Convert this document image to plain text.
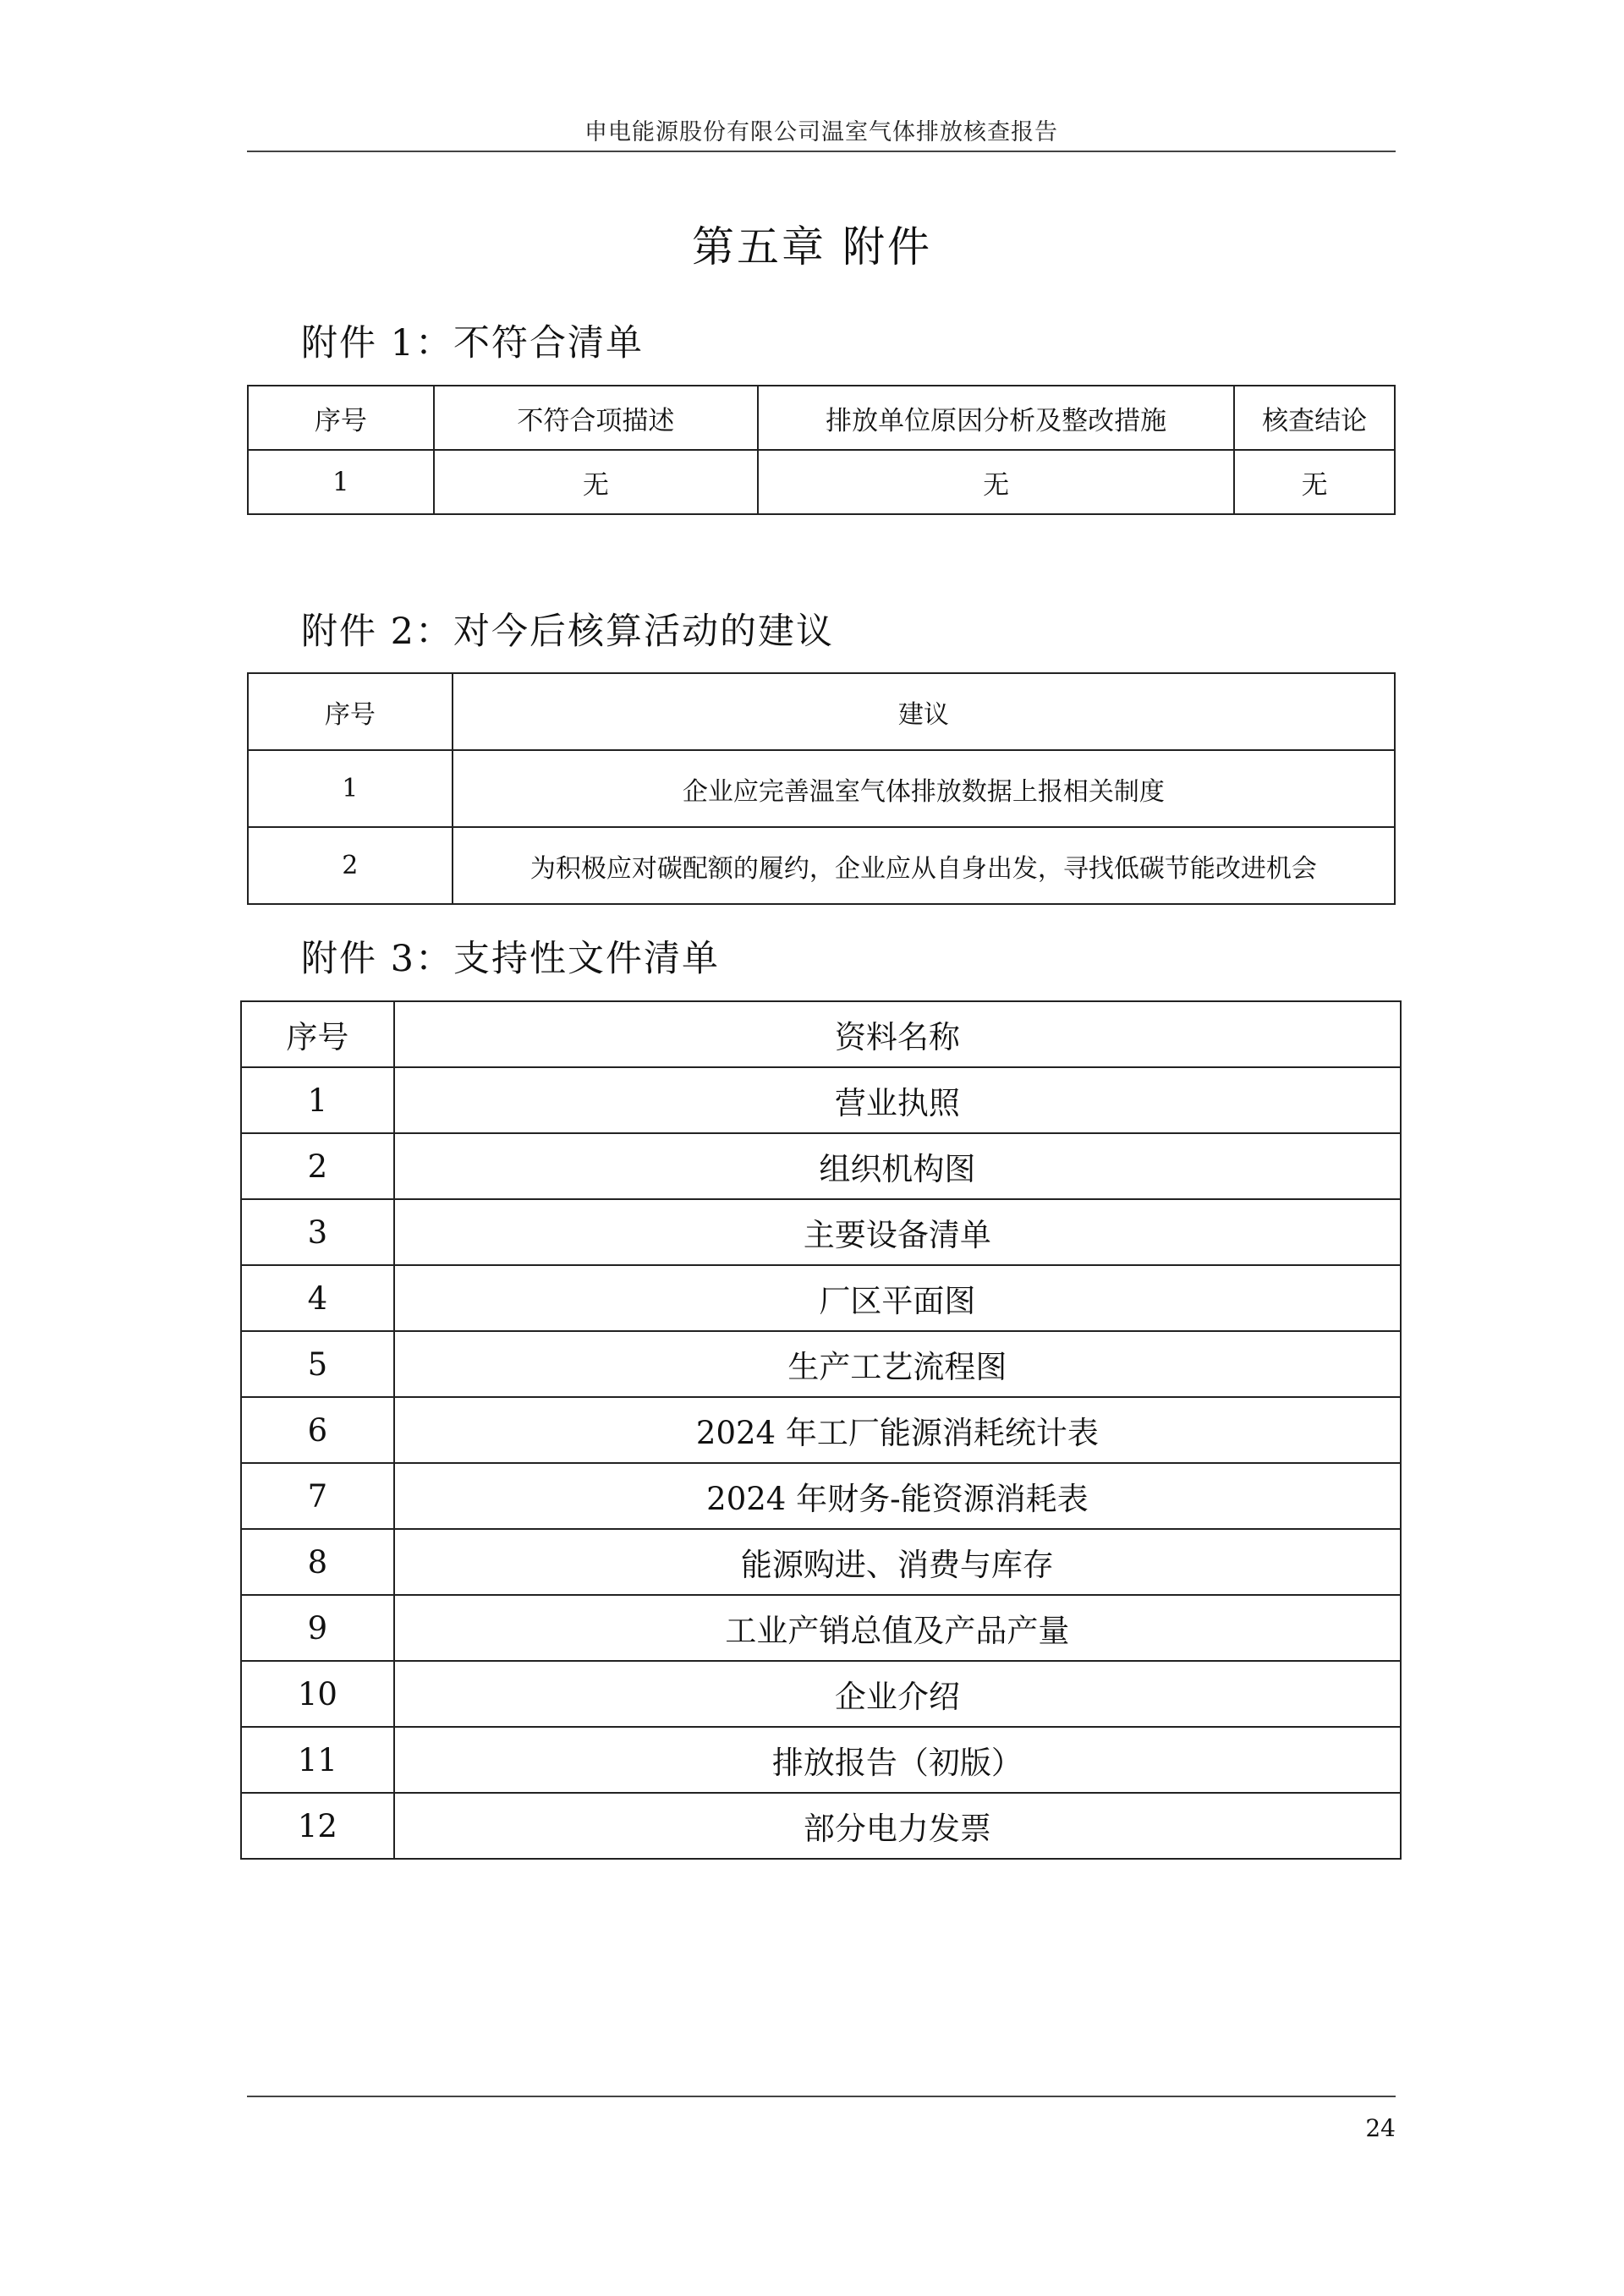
申电能源股份有限公司温室气体排放核查报告
第五章 附件
附件 1：不符合清单
序号	不符合项描述	排放单位原因分析及整改措施	核查结论
1	无	无	无
附件 2：对今后核算活动的建议
序号	建议
1	企业应完善温室气体排放数据上报相关制度
2	为积极应对碳配额的履约，企业应从自身出发，寻找低碳节能改进机会
附件 3：支持性文件清单
序号	资料名称
1	营业执照
2	组织机构图
3	主要设备清单
4	厂区平面图
5	生产工艺流程图
6	2024 年工厂能源消耗统计表
7	2024 年财务-能资源消耗表
8	能源购进、消费与库存
9	工业产销总值及产品产量
10	企业介绍
11	排放报告（初版）
12	部分电力发票
24
